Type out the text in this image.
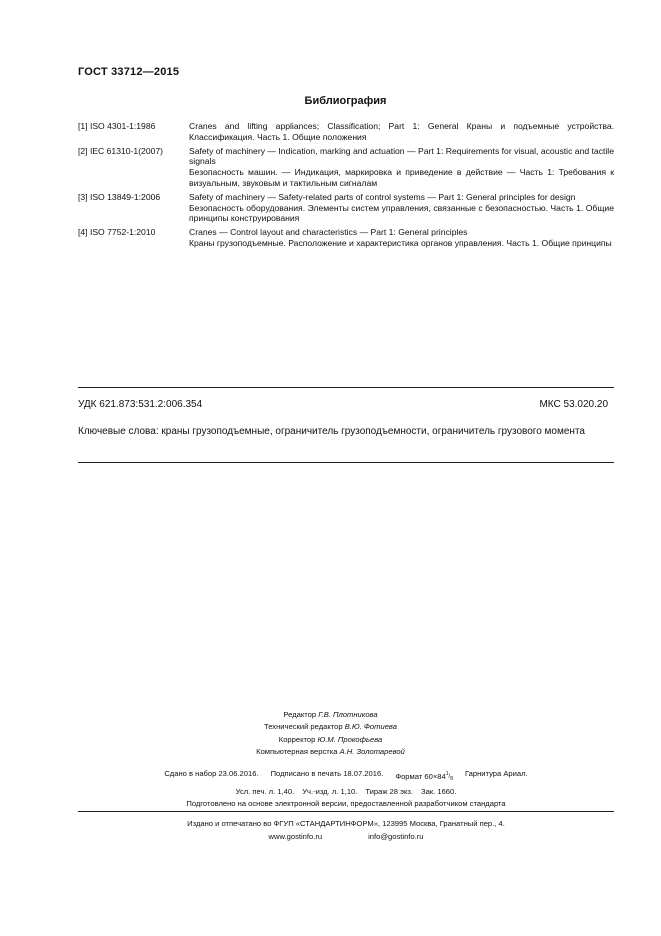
ГОСТ 33712—2015
Библиография
[1] ISO 4301-1:1986	Cranes and lifting appliances; Classification; Part 1: General Краны и подъемные устройства. Классификация. Часть 1. Общие положения
[2] IEC 61310-1(2007)	Safety of machinery — Indication, marking and actuation — Part 1: Requirements for visual, acoustic and tactile signals
Безопасность машин. — Индикация, маркировка и приведение в действие — Часть 1: Требования к визуальным, звуковым и тактильным сигналам
[3] ISO 13849-1:2006	Safety of machinery — Safety-related parts of control systems — Part 1: General principles for design
Безопасность оборудования. Элементы систем управления, связанные с безопасностью. Часть 1. Общие принципы конструирования
[4] ISO 7752-1:2010	Cranes — Control layout and characteristics — Part 1: General principles
Краны грузоподъемные. Расположение и характеристика органов управления. Часть 1. Общие принципы
УДК 621.873:531.2:006.354	МКС 53.020.20
Ключевые слова: краны грузоподъемные, ограничитель грузоподъемности, ограничитель грузового момента
Редактор Г.В. Плотникова
Технический редактор В.Ю. Фотиева
Корректор Ю.М. Прокофьева
Компьютерная верстка А.Н. Золотаревой
Сдано в набор 23.06.2016. Подписано в печать 18.07.2016. Формат $60\times 84^1/_8$
Гарнитура Ариал.
Усл. печ. л. 1,40. Уч.-изд. л. 1,10. Тираж 28 экз. Зак. 1660.
Подготовлено на основе электронной версии, предоставленной разработчиком стандарта
Издано и отпечатано во ФГУП «СТАНДАРТИНФОРМ», 123995 Москва, Гранатный пер., 4.
www.gostinfo.ru	info@gostinfo.ru
